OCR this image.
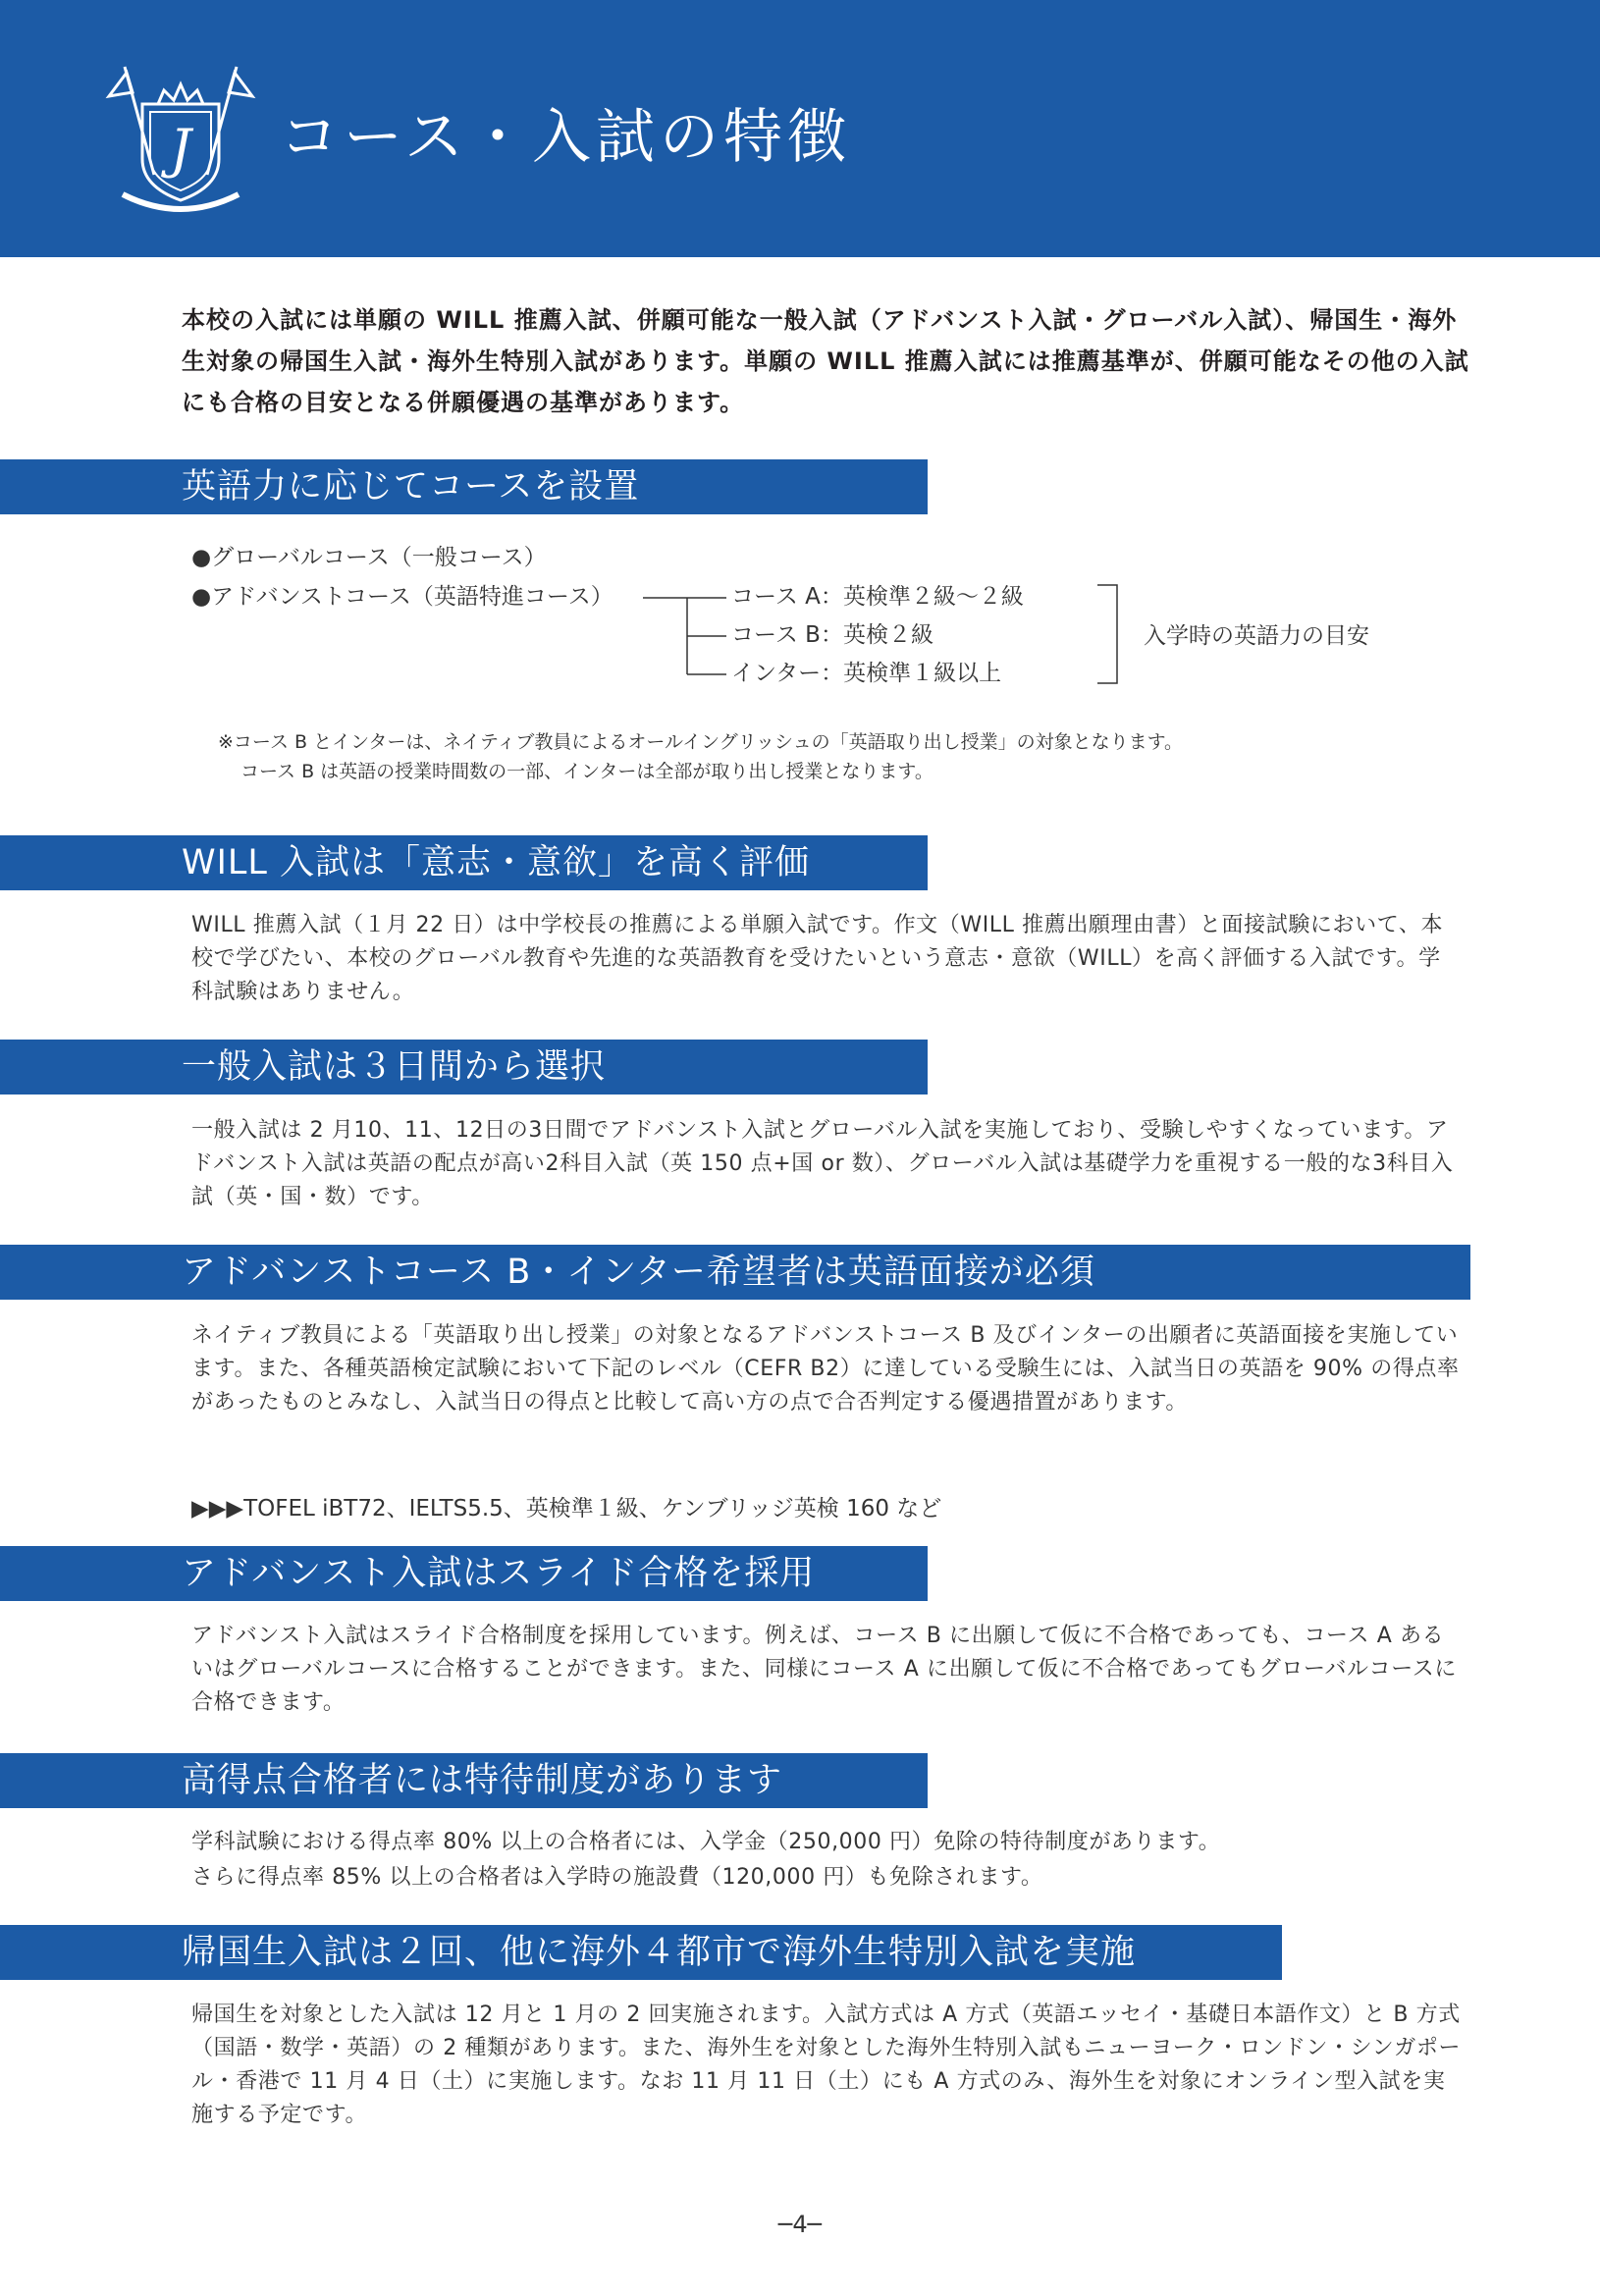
J コース・入試の特徴
本校の入試には単願の WILL 推薦入試、併願可能な一般入試（アドバンスト入試・グローバル入試）、帰国生・海外生対象の帰国生入試・海外生特別入試があります。単願の WILL 推薦入試には推薦基準が、併願可能なその他の入試にも合格の目安となる併願優遇の基準があります。
英語力に応じてコースを設置
●グローバルコース（一般コース）
●アドバンストコース（英語特進コース）	コース A：英検準２級～２級
コース B：英検２級
インター：英検準１級以上
入学時の英語力の目安
※コース B とインターは、ネイティブ教員によるオールイングリッシュの「英語取り出し授業」の対象となります。
コース B は英語の授業時間数の一部、インターは全部が取り出し授業となります。
WILL 入試は「意志・意欲」を高く評価
WILL 推薦入試（１月 22 日）は中学校長の推薦による単願入試です。作文（WILL 推薦出願理由書）と面接試験において、本校で学びたい、本校のグローバル教育や先進的な英語教育を受けたいという意志・意欲（WILL）を高く評価する入試です。学科試験はありません。
一般入試は３日間から選択
一般入試は 2 月10、11、12日の3日間でアドバンスト入試とグローバル入試を実施しており、受験しやすくなっています。アドバンスト入試は英語の配点が高い2科目入試（英 150 点+国 or 数）、グローバル入試は基礎学力を重視する一般的な3科目入試（英・国・数）です。
アドバンストコース B・インター希望者は英語面接が必須
ネイティブ教員による「英語取り出し授業」の対象となるアドバンストコース B 及びインターの出願者に英語面接を実施しています。また、各種英語検定試験において下記のレベル（CEFR B2）に達している受験生には、入試当日の英語を 90% の得点率があったものとみなし、入試当日の得点と比較して高い方の点で合否判定する優遇措置があります。
▶▶▶TOFEL iBT72、IELTS5.5、英検準１級、ケンブリッジ英検 160 など
アドバンスト入試はスライド合格を採用
アドバンスト入試はスライド合格制度を採用しています。例えば、コース B に出願して仮に不合格であっても、コース A あるいはグローバルコースに合格することができます。また、同様にコース A に出願して仮に不合格であってもグローバルコースに合格できます。
高得点合格者には特待制度があります
学科試験における得点率 80% 以上の合格者には、入学金（250,000 円）免除の特待制度があります。
さらに得点率 85% 以上の合格者は入学時の施設費（120,000 円）も免除されます。
帰国生入試は２回、他に海外４都市で海外生特別入試を実施
帰国生を対象とした入試は 12 月と 1 月の 2 回実施されます。入試方式は A 方式（英語エッセイ・基礎日本語作文）と B 方式（国語・数学・英語）の 2 種類があります。また、海外生を対象とした海外生特別入試もニューヨーク・ロンドン・シンガポール・香港で 11 月 4 日（土）に実施します。なお 11 月 11 日（土）にも A 方式のみ、海外生を対象にオンライン型入試を実施する予定です。
─4─
